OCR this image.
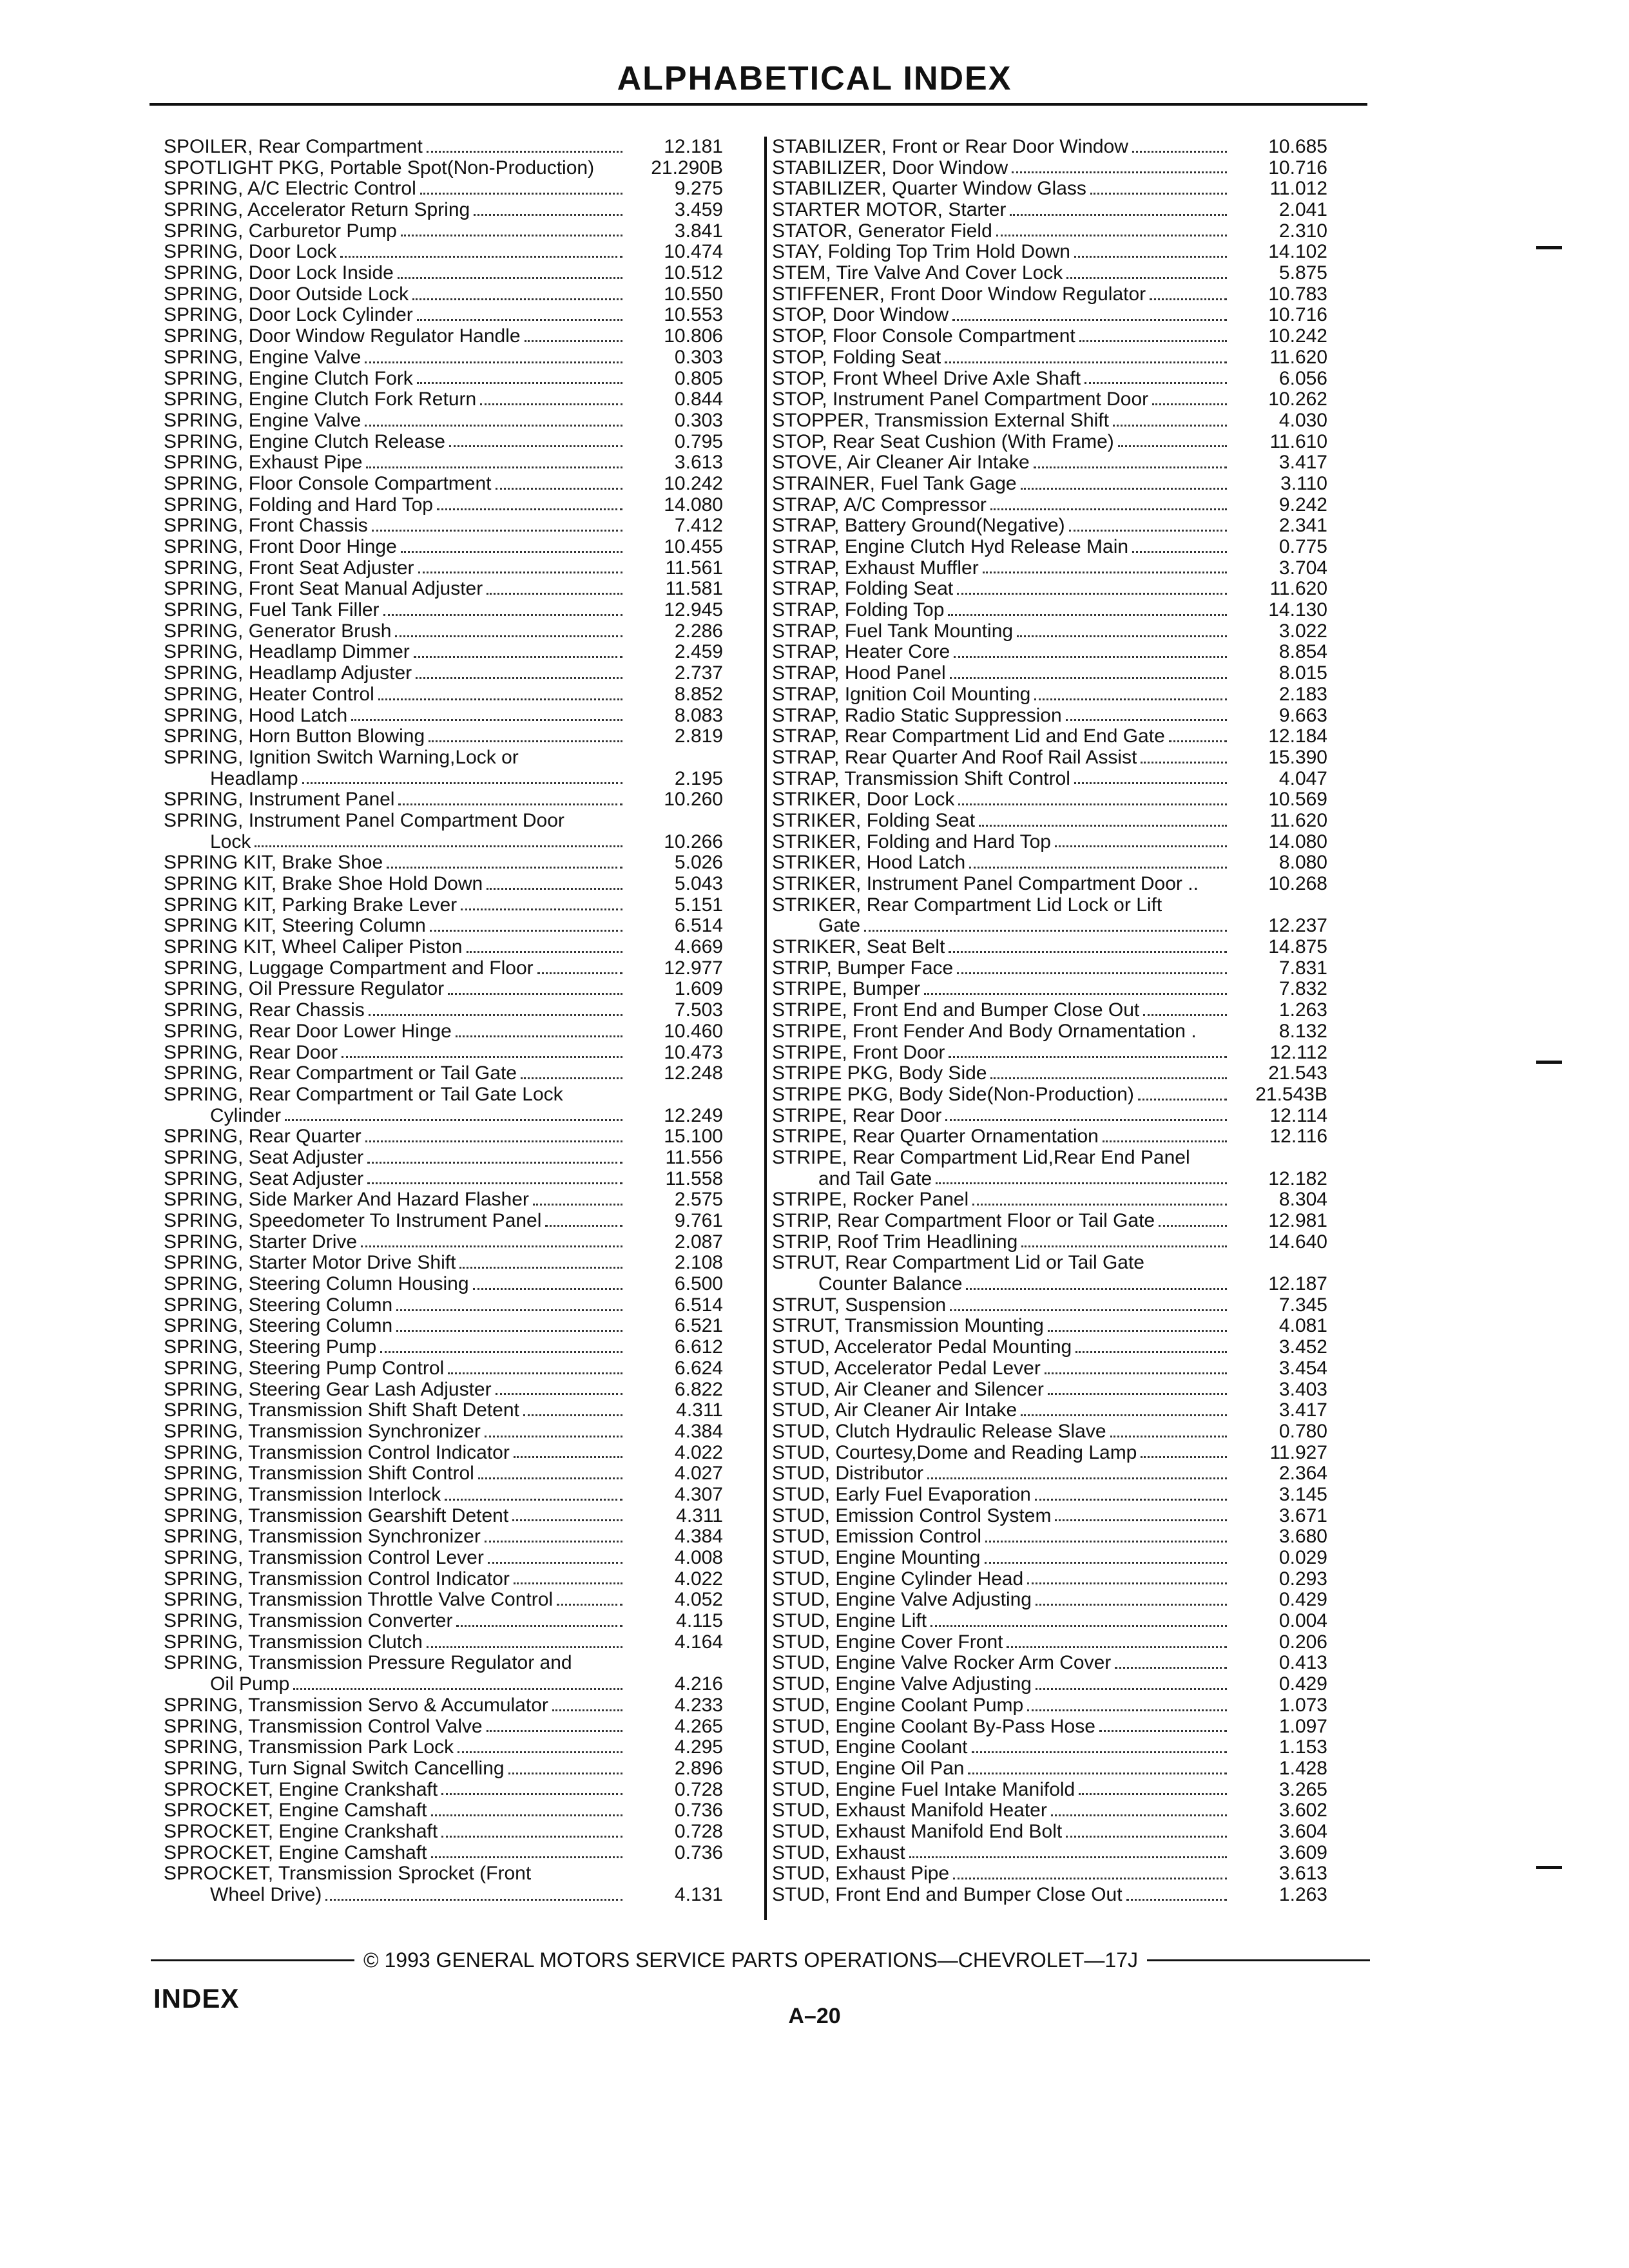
ALPHABETICAL INDEX
SPOILER, Rear Compartment	12.181
SPOTLIGHT PKG, Portable Spot(Non-Production)	21.290B
SPRING, A/C Electric Control	9.275
SPRING, Accelerator Return Spring	3.459
SPRING, Carburetor Pump	3.841
SPRING, Door Lock	10.474
SPRING, Door Lock Inside	10.512
SPRING, Door Outside Lock	10.550
SPRING, Door Lock Cylinder	10.553
SPRING, Door Window Regulator Handle	10.806
SPRING, Engine Valve	0.303
SPRING, Engine Clutch Fork	0.805
SPRING, Engine Clutch Fork Return	0.844
SPRING, Engine Valve	0.303
SPRING, Engine Clutch Release	0.795
SPRING, Exhaust Pipe	3.613
SPRING, Floor Console Compartment	10.242
SPRING, Folding and Hard Top	14.080
SPRING, Front Chassis	7.412
SPRING, Front Door Hinge	10.455
SPRING, Front Seat Adjuster	11.561
SPRING, Front Seat Manual Adjuster	11.581
SPRING, Fuel Tank Filler	12.945
SPRING, Generator Brush	2.286
SPRING, Headlamp Dimmer	2.459
SPRING, Headlamp Adjuster	2.737
SPRING, Heater Control	8.852
SPRING, Hood Latch	8.083
SPRING, Horn Button Blowing	2.819
SPRING, Ignition Switch Warning,Lock or
Headlamp	2.195
SPRING, Instrument Panel	10.260
SPRING, Instrument Panel Compartment Door
Lock	10.266
SPRING KIT, Brake Shoe	5.026
SPRING KIT, Brake Shoe Hold Down	5.043
SPRING KIT, Parking Brake Lever	5.151
SPRING KIT, Steering Column	6.514
SPRING KIT, Wheel Caliper Piston	4.669
SPRING, Luggage Compartment and Floor	12.977
SPRING, Oil Pressure Regulator	1.609
SPRING, Rear Chassis	7.503
SPRING, Rear Door Lower Hinge	10.460
SPRING, Rear Door	10.473
SPRING, Rear Compartment or Tail Gate	12.248
SPRING, Rear Compartment or Tail Gate Lock
Cylinder	12.249
SPRING, Rear Quarter	15.100
SPRING, Seat Adjuster	11.556
SPRING, Seat Adjuster	11.558
SPRING, Side Marker And Hazard Flasher	2.575
SPRING, Speedometer To Instrument Panel	9.761
SPRING, Starter Drive	2.087
SPRING, Starter Motor Drive Shift	2.108
SPRING, Steering Column Housing	6.500
SPRING, Steering Column	6.514
SPRING, Steering Column	6.521
SPRING, Steering Pump	6.612
SPRING, Steering Pump Control	6.624
SPRING, Steering Gear Lash Adjuster	6.822
SPRING, Transmission Shift Shaft Detent	4.311
SPRING, Transmission Synchronizer	4.384
SPRING, Transmission Control Indicator	4.022
SPRING, Transmission Shift Control	4.027
SPRING, Transmission Interlock	4.307
SPRING, Transmission Gearshift Detent	4.311
SPRING, Transmission Synchronizer	4.384
SPRING, Transmission Control Lever	4.008
SPRING, Transmission Control Indicator	4.022
SPRING, Transmission Throttle Valve Control	4.052
SPRING, Transmission Converter	4.115
SPRING, Transmission Clutch	4.164
SPRING, Transmission Pressure Regulator and
Oil Pump	4.216
SPRING, Transmission Servo & Accumulator	4.233
SPRING, Transmission Control Valve	4.265
SPRING, Transmission Park Lock	4.295
SPRING, Turn Signal Switch Cancelling	2.896
SPROCKET, Engine Crankshaft	0.728
SPROCKET, Engine Camshaft	0.736
SPROCKET, Engine Crankshaft	0.728
SPROCKET, Engine Camshaft	0.736
SPROCKET, Transmission Sprocket (Front
Wheel Drive)	4.131
STABILIZER, Front or Rear Door Window	10.685
STABILIZER, Door Window	10.716
STABILIZER, Quarter Window Glass	11.012
STARTER MOTOR, Starter	2.041
STATOR, Generator Field	2.310
STAY, Folding Top Trim Hold Down	14.102
STEM, Tire Valve And Cover Lock	5.875
STIFFENER, Front Door Window Regulator	10.783
STOP, Door Window	10.716
STOP, Floor Console Compartment	10.242
STOP, Folding Seat	11.620
STOP, Front Wheel Drive Axle Shaft	6.056
STOP, Instrument Panel Compartment Door	10.262
STOPPER, Transmission External Shift	4.030
STOP, Rear Seat Cushion (With Frame)	11.610
STOVE, Air Cleaner Air Intake	3.417
STRAINER, Fuel Tank Gage	3.110
STRAP, A/C Compressor	9.242
STRAP, Battery Ground(Negative)	2.341
STRAP, Engine Clutch Hyd Release Main	0.775
STRAP, Exhaust Muffler	3.704
STRAP, Folding Seat	11.620
STRAP, Folding Top	14.130
STRAP, Fuel Tank Mounting	3.022
STRAP, Heater Core	8.854
STRAP, Hood Panel	8.015
STRAP, Ignition Coil Mounting	2.183
STRAP, Radio Static Suppression	9.663
STRAP, Rear Compartment Lid and End Gate	12.184
STRAP, Rear Quarter And Roof Rail Assist	15.390
STRAP, Transmission Shift Control	4.047
STRIKER, Door Lock	10.569
STRIKER, Folding Seat	11.620
STRIKER, Folding and Hard Top	14.080
STRIKER, Hood Latch	8.080
STRIKER, Instrument Panel Compartment Door ..	10.268
STRIKER, Rear Compartment Lid Lock or Lift
Gate	12.237
STRIKER, Seat Belt	14.875
STRIP, Bumper Face	7.831
STRIPE, Bumper	7.832
STRIPE, Front End and Bumper Close Out	1.263
STRIPE, Front Fender And Body Ornamentation .	8.132
STRIPE, Front Door	12.112
STRIPE PKG, Body Side	21.543
STRIPE PKG, Body Side(Non-Production)	21.543B
STRIPE, Rear Door	12.114
STRIPE, Rear Quarter Ornamentation	12.116
STRIPE, Rear Compartment Lid,Rear End Panel
and Tail Gate	12.182
STRIPE, Rocker Panel	8.304
STRIP, Rear Compartment Floor or Tail Gate	12.981
STRIP, Roof Trim Headlining	14.640
STRUT, Rear Compartment Lid or Tail Gate
Counter Balance	12.187
STRUT, Suspension	7.345
STRUT, Transmission Mounting	4.081
STUD, Accelerator Pedal Mounting	3.452
STUD, Accelerator Pedal Lever	3.454
STUD, Air Cleaner and Silencer	3.403
STUD, Air Cleaner Air Intake	3.417
STUD, Clutch Hydraulic Release Slave	0.780
STUD, Courtesy,Dome and Reading Lamp	11.927
STUD, Distributor	2.364
STUD, Early Fuel Evaporation	3.145
STUD, Emission Control System	3.671
STUD, Emission Control	3.680
STUD, Engine Mounting	0.029
STUD, Engine Cylinder Head	0.293
STUD, Engine Valve Adjusting	0.429
STUD, Engine Lift	0.004
STUD, Engine Cover Front	0.206
STUD, Engine Valve Rocker Arm Cover	0.413
STUD, Engine Valve Adjusting	0.429
STUD, Engine Coolant Pump	1.073
STUD, Engine Coolant By-Pass Hose	1.097
STUD, Engine Coolant	1.153
STUD, Engine Oil Pan	1.428
STUD, Engine Fuel Intake Manifold	3.265
STUD, Exhaust Manifold Heater	3.602
STUD, Exhaust Manifold End Bolt	3.604
STUD, Exhaust	3.609
STUD, Exhaust Pipe	3.613
STUD, Front End and Bumper Close Out	1.263
© 1993 GENERAL MOTORS SERVICE PARTS OPERATIONS—CHEVROLET—17J
INDEX
A–20
